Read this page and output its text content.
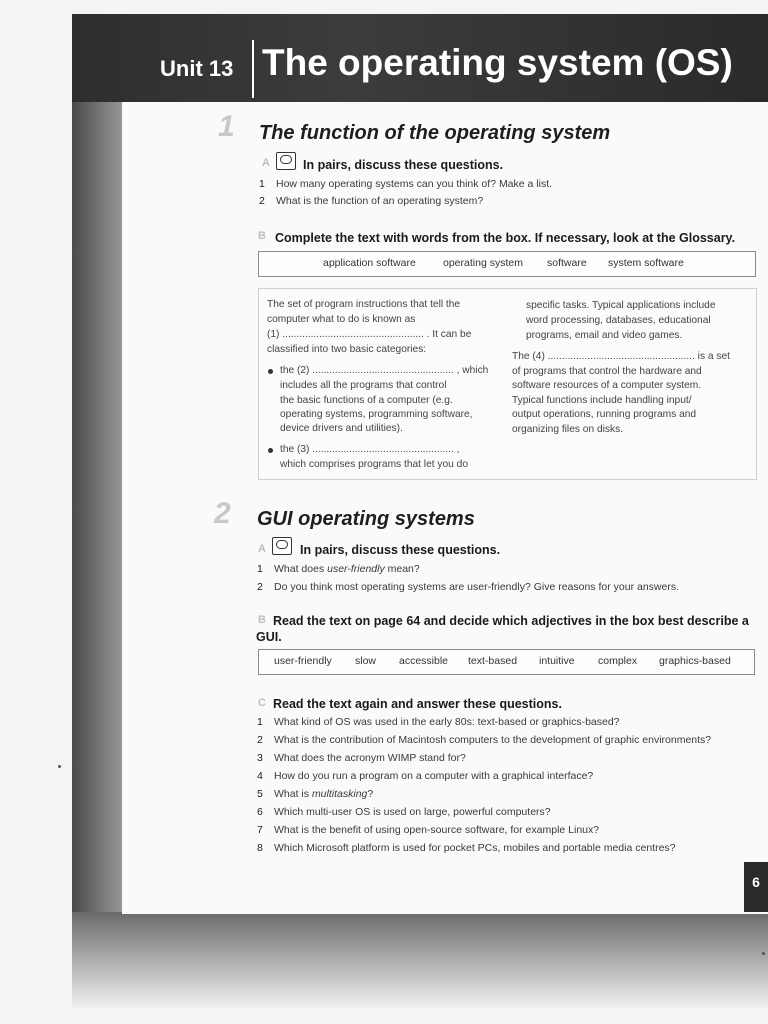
Unit 13 The operating system (OS)
1 The function of the operating system
A	In pairs, discuss these questions.
1 How many operating systems can you think of? Make a list.
2 What is the function of an operating system?
B Complete the text with words from the box. If necessary, look at the Glossary.
application software	operating system software system software
The set of program instructions that tell the
computer what to do is known as
(1) .................................................. . It can be
classified into two basic categories:
the (2) .................................................. , which
includes all the programs that control
the basic functions of a computer (e.g.
operating systems, programming software,
device drivers and utilities).
the (3) .................................................. ,
which comprises programs that let you do
specific tasks. Typical applications include
word processing, databases, educational
programs, email and video games.
The (4) .................................................... is a set
of programs that control the hardware and
software resources of a computer system.
Typical functions include handling input/
output operations, running programs and
organizing files on disks.
2 GUI operating systems
A	In pairs, discuss these questions.
1 What does user-friendly mean?
2 Do you think most operating systems are user-friendly? Give reasons for your answers.
B Read the text on page 64 and decide which adjectives in the box best describe a GUI.
user-friendly slow accessible text-based intuitive complex graphics-based
C Read the text again and answer these questions.
1 What kind of OS was used in the early 80s: text-based or graphics-based?
2 What is the contribution of Macintosh computers to the development of graphic environments?
3 What does the acronym WIMP stand for?
4 How do you run a program on a computer with a graphical interface?
5 What is multitasking?
6 Which multi-user OS is used on large, powerful computers?
7 What is the benefit of using open-source software, for example Linux?
8 Which Microsoft platform is used for pocket PCs, mobiles and portable media centres?
6
